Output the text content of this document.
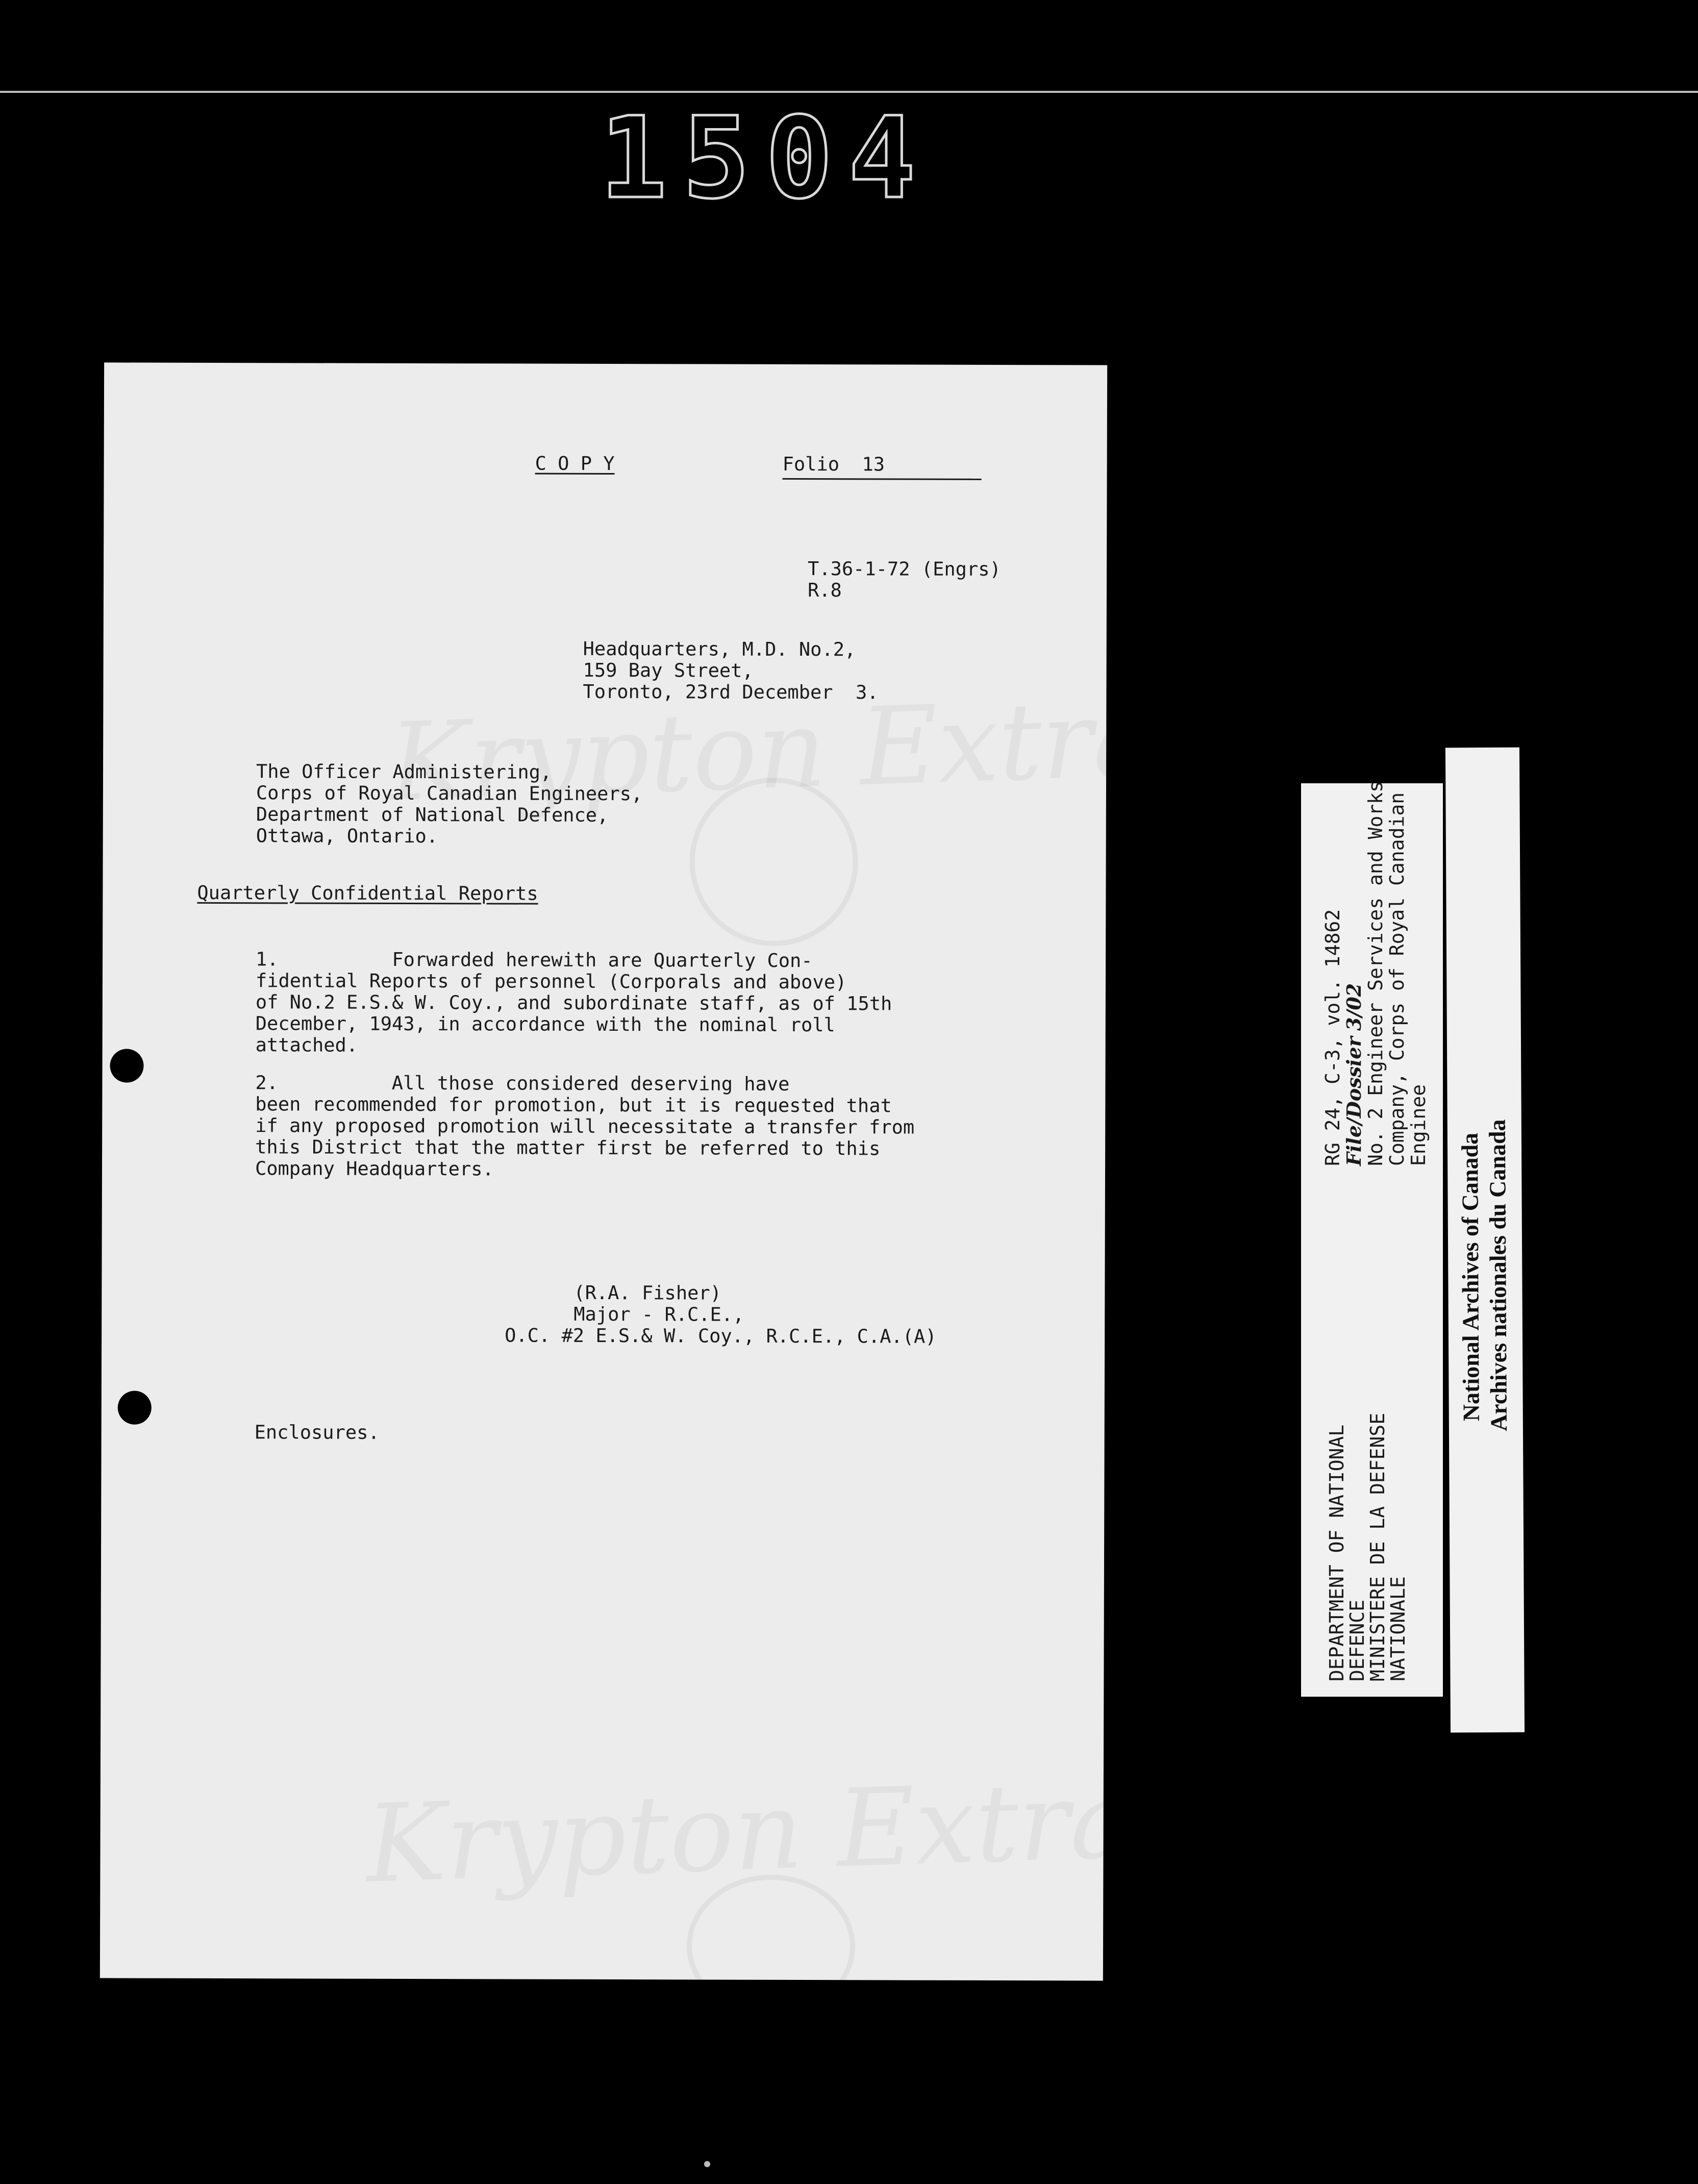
1504
C O P Y	Folio  13
T.36-1-72 (Engrs)
R.8
Headquarters, M.D. No.2,
159 Bay Street,
Toronto, 23rd December  3.
The Officer Administering,
Corps of Royal Canadian Engineers,
Department of National Defence,
Ottawa, Ontario.
Quarterly Confidential Reports
1.          Forwarded herewith are Quarterly Con-
fidential Reports of personnel (Corporals and above)
of No.2 E.S.& W. Coy., and subordinate staff, as of 15th
December, 1943, in accordance with the nominal roll
attached.
2.          All those considered deserving have
been recommended for promotion, but it is requested that
if any proposed promotion will necessitate a transfer from
this District that the matter first be referred to this
Company Headquarters.
(R.A. Fisher)
Major - R.C.E.,
O.C. #2 E.S.& W. Coy., R.C.E., C.A.(A)
Enclosures.
RG 24, C-3, vol. 14862
File/Dossier
3/02
No. 2 Engineer Services and Works
Company, Corps of Royal Canadian
Enginee
DEPARTMENT OF NATIONAL
DEFENCE
MINISTERE DE LA DEFENSE
NATIONALE
National Archives of Canada Archives nationales du Canada
